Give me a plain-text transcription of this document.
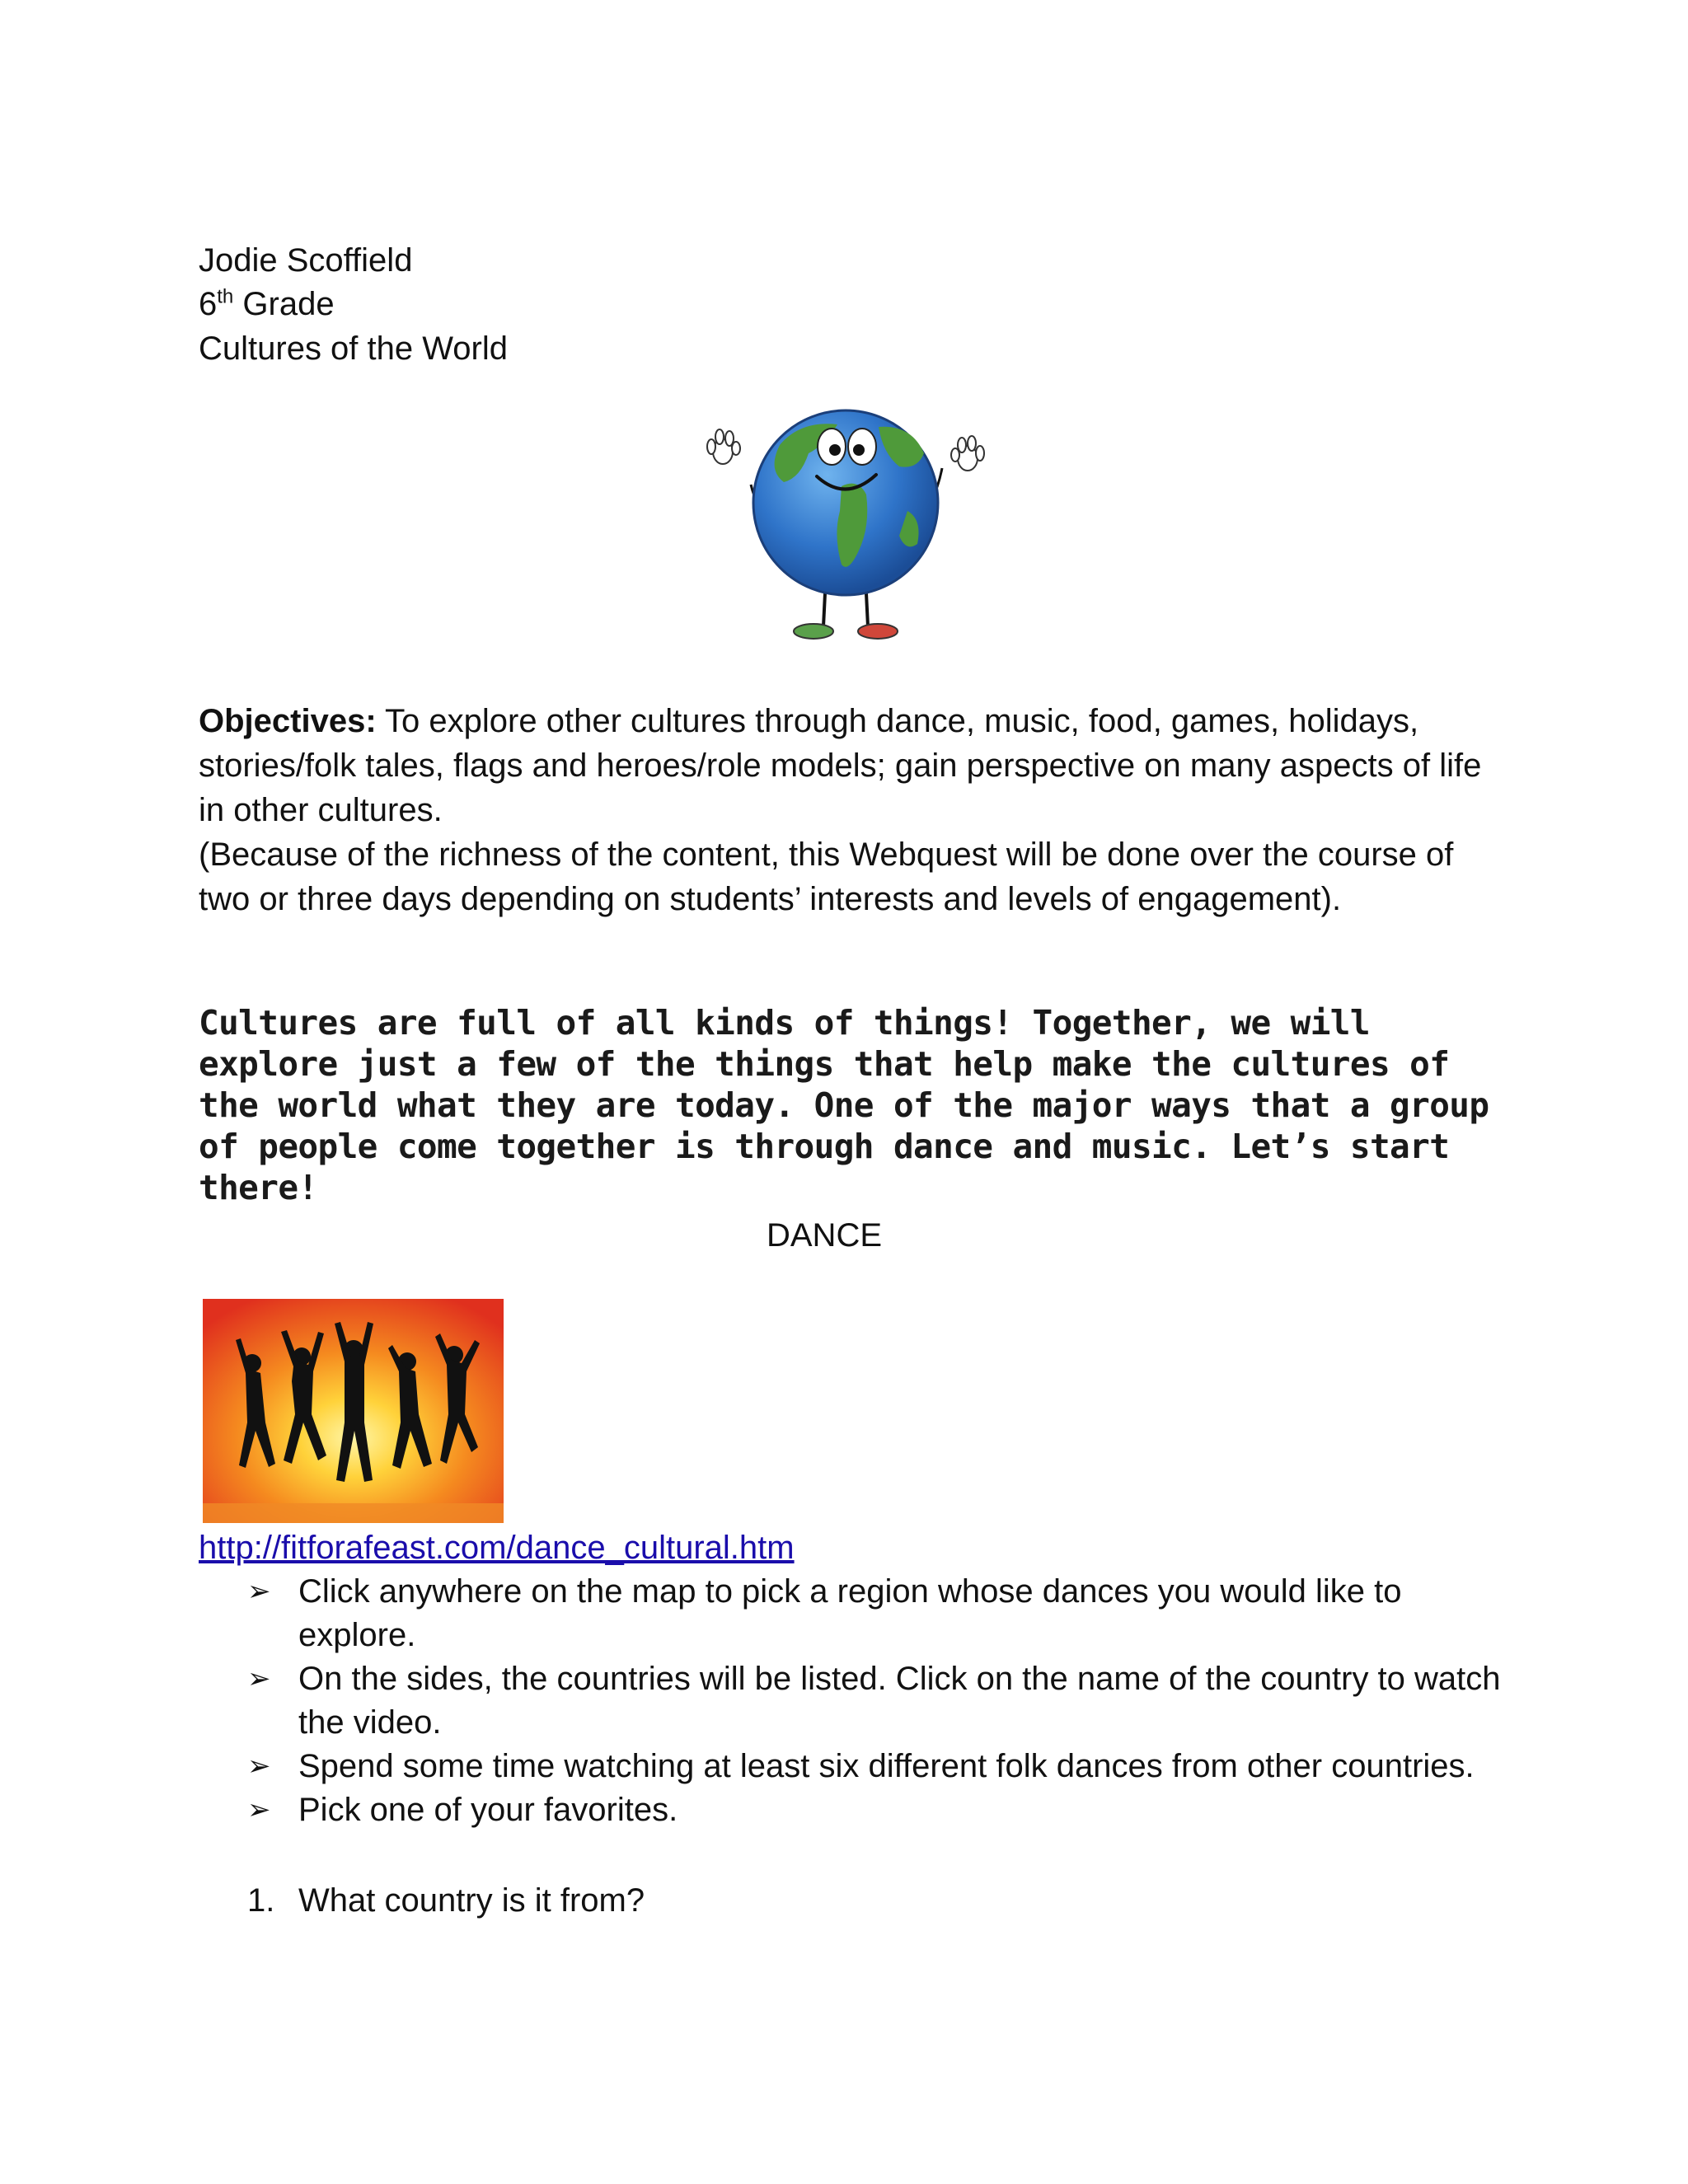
Jodie Scoffield
6th Grade
Cultures of the World

Objectives: To explore other cultures through dance, music, food, games, holidays, stories/folk tales, flags and heroes/role models; gain perspective on many aspects of life in other cultures.

(Because of the richness of the content, this Webquest will be done over the course of two or three days depending on students’ interests and levels of engagement).

Cultures are full of all kinds of things! Together, we will explore just a few of the things that help make the cultures of the world what they are today. One of the major ways that a group of people come together is through dance and music. Let’s start there!
DANCE
http://fitforafeast.com/dance_cultural.htm
➢ Click anywhere on the map to pick a region whose dances you would like to explore.
➢ On the sides, the countries will be listed. Click on the name of the country to watch the video.
➢ Spend some time watching at least six different folk dances from other countries.
➢ Pick one of your favorites.
1. What country is it from?
